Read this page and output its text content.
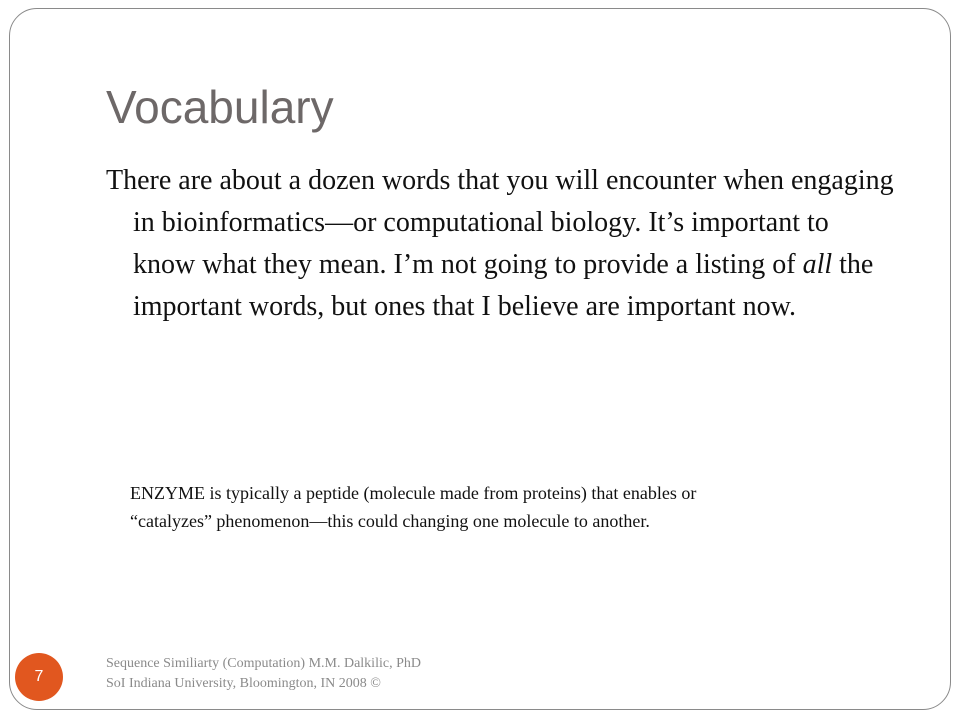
Vocabulary

There are about a dozen words that you will encounter when engaging in bioinformatics—or computational biology. It’s important to know what they mean. I’m not going to provide a listing of all the important words, but ones that I believe are important now.

ENZYME is typically a peptide (molecule made from proteins) that enables or “catalyzes” phenomenon—this could changing one molecule to another.

7
Sequence Similiarty (Computation) M.M. Dalkilic, PhD
SoI Indiana University, Bloomington, IN 2008 ©
